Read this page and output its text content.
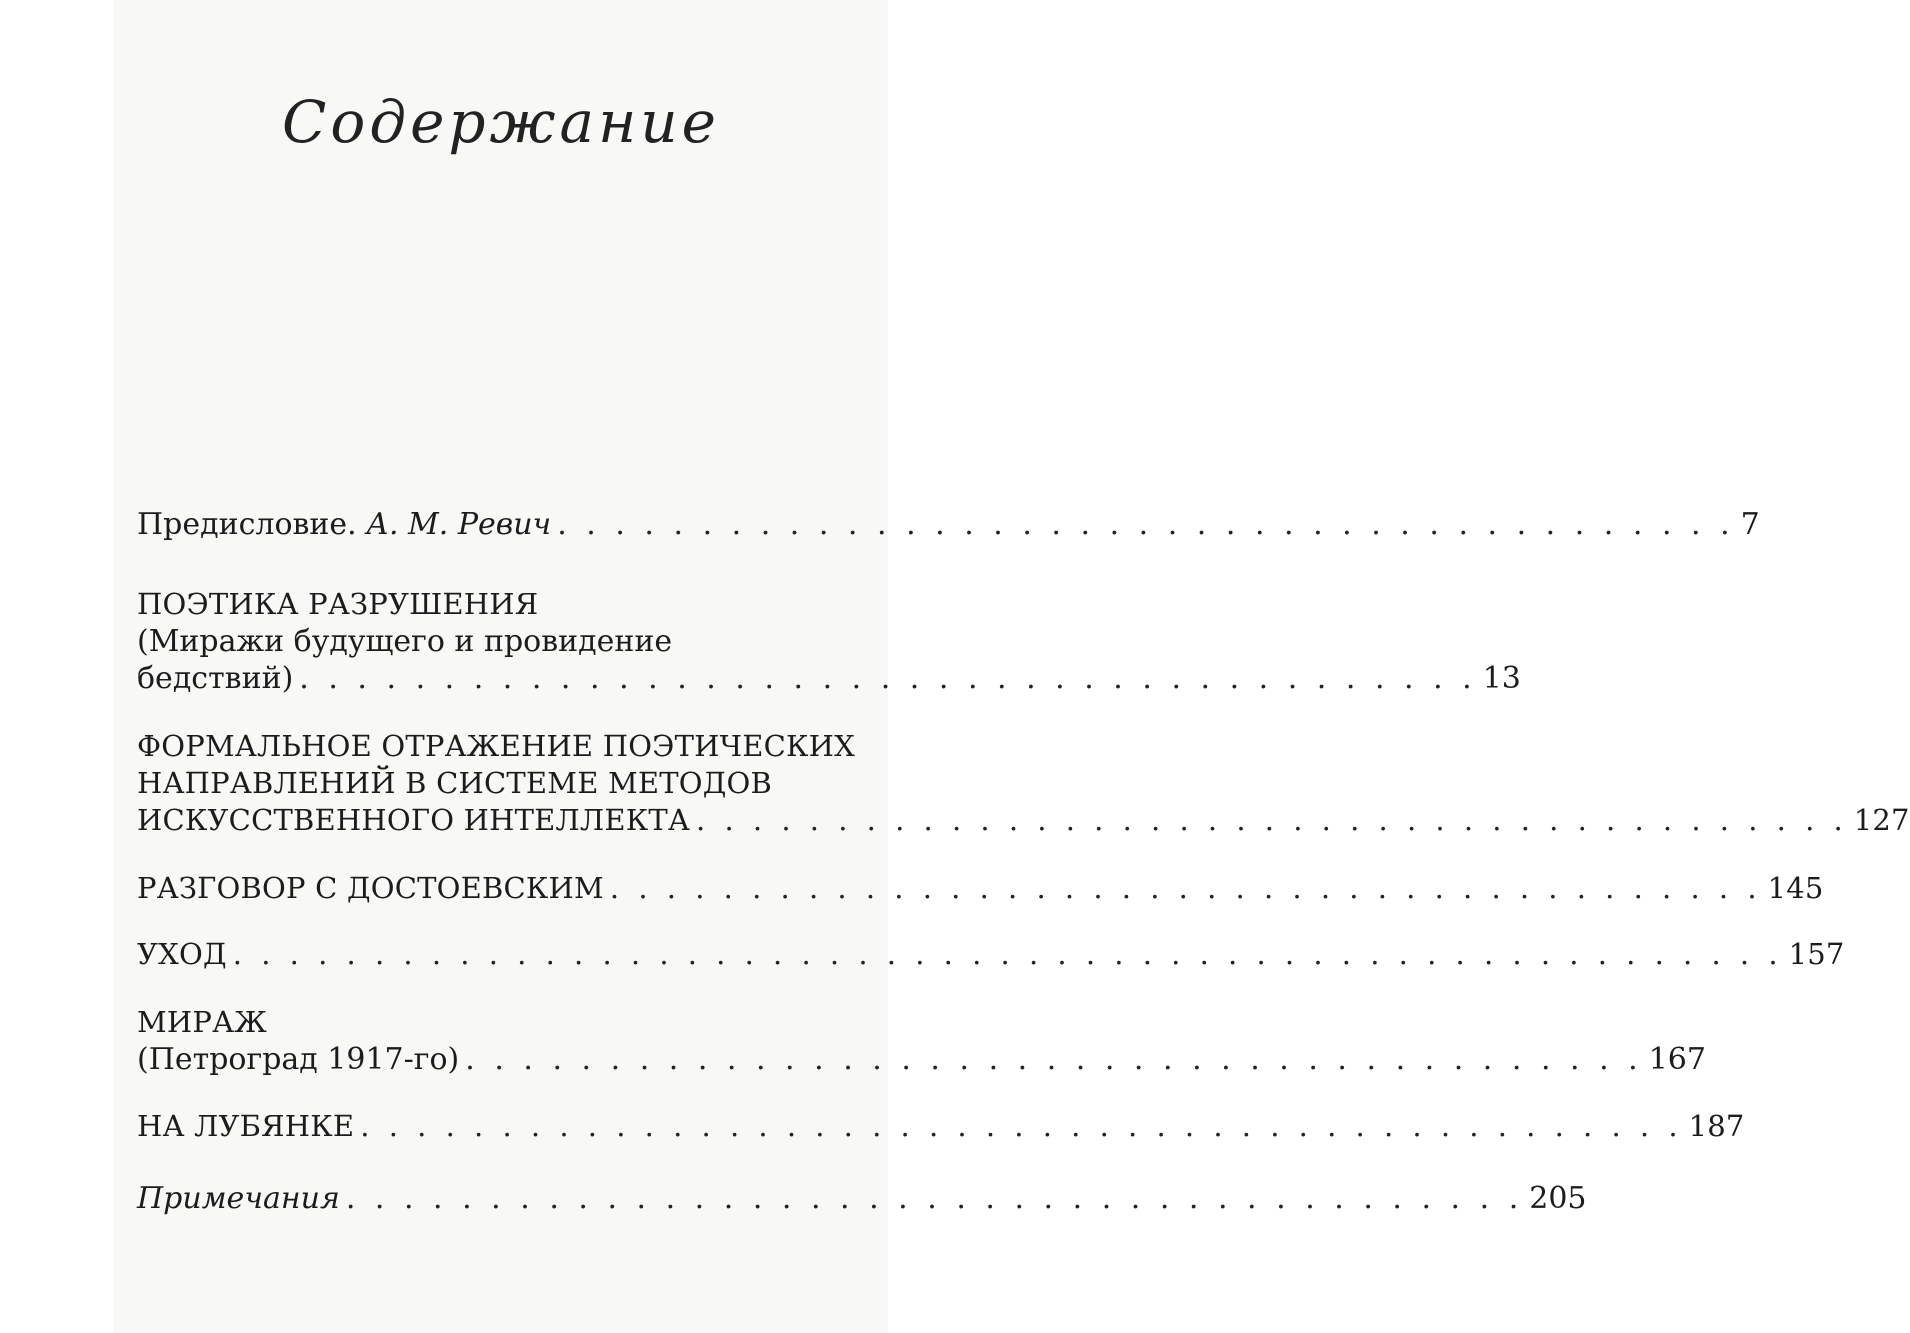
Содержание
Предисловие. А. М. Ревич . . . . . . . . . . . . . . . . . . . . . . . . . . . . . . . . . . . . . . . . . 7
ПОЭТИКА РАЗРУШЕНИЯ
(Миражи будущего и провидение
бедствий) . . . . . . . . . . . . . . . . . . . . . . . . . . . . . . . . . . . . . . . . . 13
ФОРМАЛЬНОЕ ОТРАЖЕНИЕ ПОЭТИЧЕСКИХ
НАПРАВЛЕНИЙ В СИСТЕМЕ МЕТОДОВ
ИСКУССТВЕННОГО ИНТЕЛЛЕКТА . . . . . . . . . . . . . . . . . . . . . . . . . . . . . . . . . . . . . . . . . 127
РАЗГОВОР С ДОСТОЕВСКИМ . . . . . . . . . . . . . . . . . . . . . . . . . . . . . . . . . . . . . . . . . 145
УХОД . . . . . . . . . . . . . . . . . . . . . . . . . . . . . . . . . . . . . . . . . . . . . . . . . . . . . . . 157
МИРАЖ
(Петроград 1917-го) . . . . . . . . . . . . . . . . . . . . . . . . . . . . . . . . . . . . . . . . . 167
НА ЛУБЯНКЕ . . . . . . . . . . . . . . . . . . . . . . . . . . . . . . . . . . . . . . . . . . . . . . . 187
Примечания . . . . . . . . . . . . . . . . . . . . . . . . . . . . . . . . . . . . . . . . . 205
